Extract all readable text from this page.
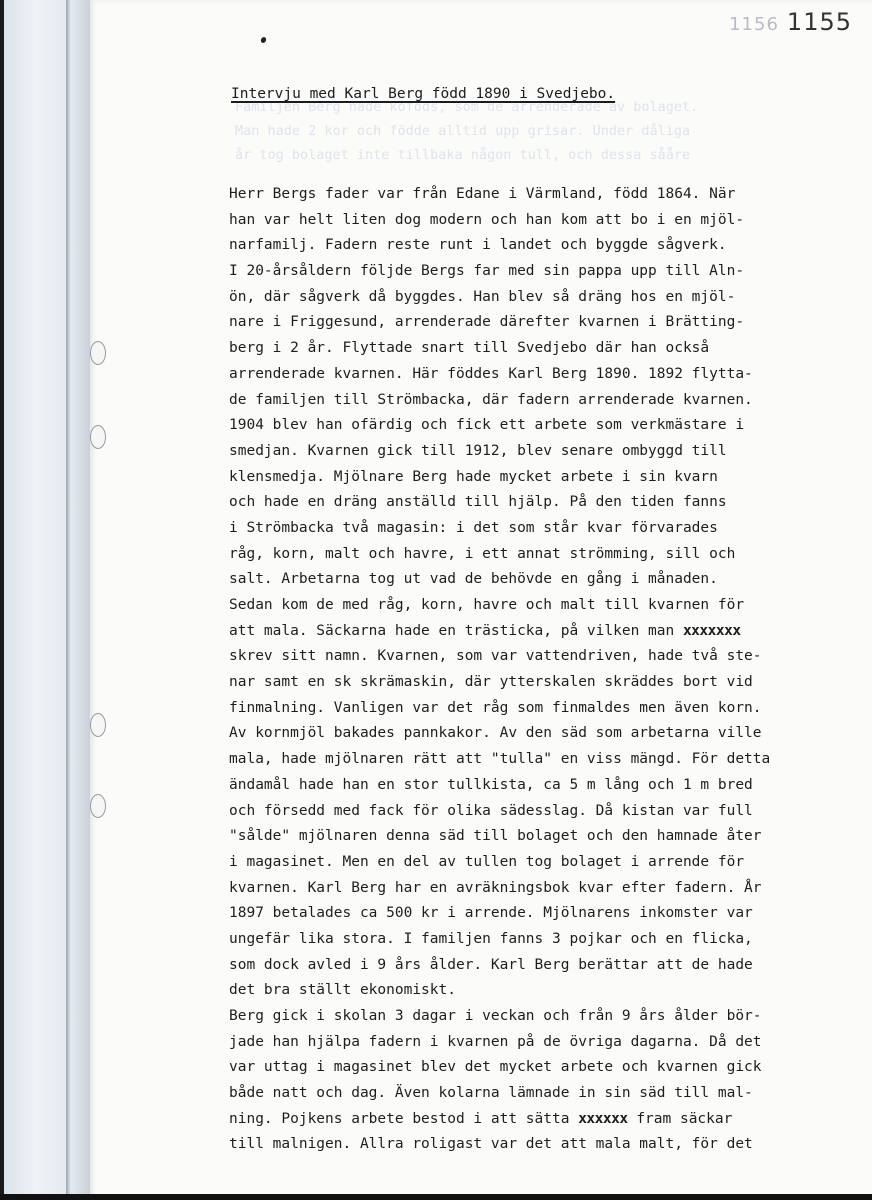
1156 1155
Familjen Berg hade koföds, som de arrenderade av bolaget.
Man hade 2 kor och födde alltid upp grisar. Under dåliga
år tog bolaget inte tillbaka någon tull, och dessa sååre
Intervju med Karl Berg född 1890 i Svedjebo.
Herr Bergs fader var från Edane i Värmland, född 1864. När
han var helt liten dog modern och han kom att bo i en mjöl-
narfamilj. Fadern reste runt i landet och byggde sågverk.
I 20-årsåldern följde Bergs far med sin pappa upp till Aln-
ön, där sågverk då byggdes. Han blev så dräng hos en mjöl-
nare i Friggesund, arrenderade därefter kvarnen i Brätting-
berg i 2 år. Flyttade snart till Svedjebo där han också
arrenderade kvarnen. Här föddes Karl Berg 1890. 1892 flytta-
de familjen till Strömbacka, där fadern arrenderade kvarnen.
1904 blev han ofärdig och fick ett arbete som verkmästare i
smedjan. Kvarnen gick till 1912, blev senare ombyggd till
klensmedja. Mjölnare Berg hade mycket arbete i sin kvarn
och hade en dräng anställd till hjälp. På den tiden fanns
i Strömbacka två magasin: i det som står kvar förvarades
råg, korn, malt och havre, i ett annat strömming, sill och
salt. Arbetarna tog ut vad de behövde en gång i månaden.
Sedan kom de med råg, korn, havre och malt till kvarnen för
att mala. Säckarna hade en trästicka, på vilken man xxxxxxx
skrev sitt namn. Kvarnen, som var vattendriven, hade två ste-
nar samt en sk skrämaskin, där ytterskalen skräddes bort vid
finmalning. Vanligen var det råg som finmaldes men även korn.
Av kornmjöl bakades pannkakor. Av den säd som arbetarna ville
mala, hade mjölnaren rätt att "tulla" en viss mängd. För detta
ändamål hade han en stor tullkista, ca 5 m lång och 1 m bred
och försedd med fack för olika sädesslag. Då kistan var full
"sålde" mjölnaren denna säd till bolaget och den hamnade åter
i magasinet. Men en del av tullen tog bolaget i arrende för
kvarnen. Karl Berg har en avräkningsbok kvar efter fadern. År
1897 betalades ca 500 kr i arrende. Mjölnarens inkomster var
ungefär lika stora. I familjen fanns 3 pojkar och en flicka,
som dock avled i 9 års ålder. Karl Berg berättar att de hade
det bra ställt ekonomiskt.
Berg gick i skolan 3 dagar i veckan och från 9 års ålder bör-
jade han hjälpa fadern i kvarnen på de övriga dagarna. Då det
var uttag i magasinet blev det mycket arbete och kvarnen gick
både natt och dag. Även kolarna lämnade in sin säd till mal-
ning. Pojkens arbete bestod i att sätta xxxxxx fram säckar
till malnigen. Allra roligast var det att mala malt, för det
